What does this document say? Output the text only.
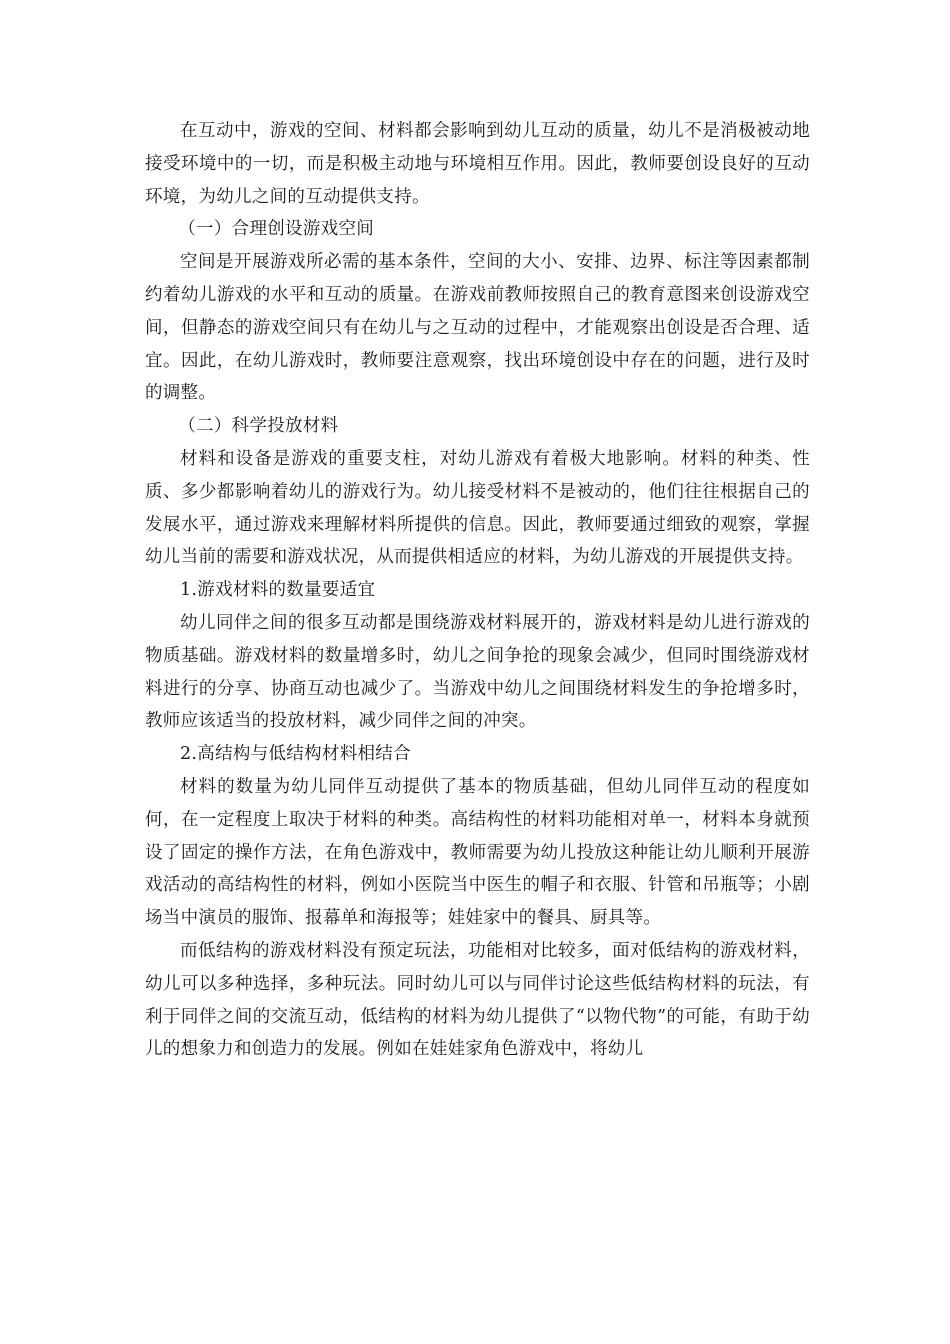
在互动中，游戏的空间、材料都会影响到幼儿互动的质量，幼儿不是消极被动地接受环境中的一切，而是积极主动地与环境相互作用。因此，教师要创设良好的互动环境，为幼儿之间的互动提供支持。

（一）合理创设游戏空间

空间是开展游戏所必需的基本条件，空间的大小、安排、边界、标注等因素都制约着幼儿游戏的水平和互动的质量。在游戏前教师按照自己的教育意图来创设游戏空间，但静态的游戏空间只有在幼儿与之互动的过程中，才能观察出创设是否合理、适宜。因此，在幼儿游戏时，教师要注意观察，找出环境创设中存在的问题，进行及时的调整。

（二）科学投放材料

材料和设备是游戏的重要支柱，对幼儿游戏有着极大地影响。材料的种类、性质、多少都影响着幼儿的游戏行为。幼儿接受材料不是被动的，他们往往根据自己的发展水平，通过游戏来理解材料所提供的信息。因此，教师要通过细致的观察，掌握幼儿当前的需要和游戏状况，从而提供相适应的材料，为幼儿游戏的开展提供支持。

1.游戏材料的数量要适宜

幼儿同伴之间的很多互动都是围绕游戏材料展开的，游戏材料是幼儿进行游戏的物质基础。游戏材料的数量增多时，幼儿之间争抢的现象会减少，但同时围绕游戏材料进行的分享、协商互动也减少了。当游戏中幼儿之间围绕材料发生的争抢增多时，教师应该适当的投放材料，减少同伴之间的冲突。

2.高结构与低结构材料相结合

材料的数量为幼儿同伴互动提供了基本的物质基础，但幼儿同伴互动的程度如何，在一定程度上取决于材料的种类。高结构性的材料功能相对单一，材料本身就预设了固定的操作方法，在角色游戏中，教师需要为幼儿投放这种能让幼儿顺利开展游戏活动的高结构性的材料，例如小医院当中医生的帽子和衣服、针管和吊瓶等；小剧场当中演员的服饰、报幕单和海报等；娃娃家中的餐具、厨具等。

而低结构的游戏材料没有预定玩法，功能相对比较多，面对低结构的游戏材料，幼儿可以多种选择，多种玩法。同时幼儿可以与同伴讨论这些低结构材料的玩法，有利于同伴之间的交流互动，低结构的材料为幼儿提供了“以物代物”的可能，有助于幼儿的想象力和创造力的发展。例如在娃娃家角色游戏中，将幼儿
